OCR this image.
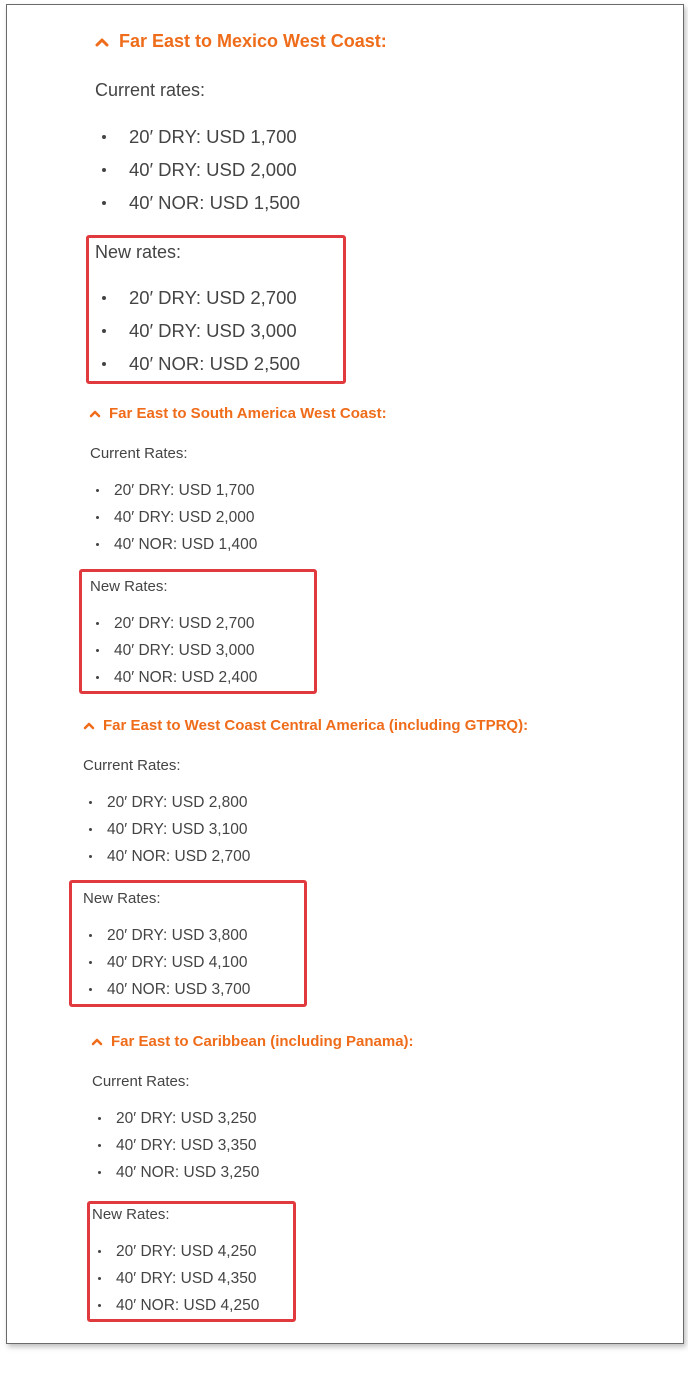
Far East to Mexico West Coast:
Current rates:
20′ DRY: USD 1,700
40′ DRY: USD 2,000
40′ NOR: USD 1,500
New rates:
20′ DRY: USD 2,700
40′ DRY: USD 3,000
40′ NOR: USD 2,500
Far East to South America West Coast:
Current Rates:
20′ DRY: USD 1,700
40′ DRY: USD 2,000
40′ NOR: USD 1,400
New Rates:
20′ DRY: USD 2,700
40′ DRY: USD 3,000
40′ NOR: USD 2,400
Far East to West Coast Central America (including GTPRQ):
Current Rates:
20′ DRY: USD 2,800
40′ DRY: USD 3,100
40′ NOR: USD 2,700
New Rates:
20′ DRY: USD 3,800
40′ DRY: USD 4,100
40′ NOR: USD 3,700
Far East to Caribbean (including Panama):
Current Rates:
20′ DRY: USD 3,250
40′ DRY: USD 3,350
40′ NOR: USD 3,250
New Rates:
20′ DRY: USD 4,250
40′ DRY: USD 4,350
40′ NOR: USD 4,250
